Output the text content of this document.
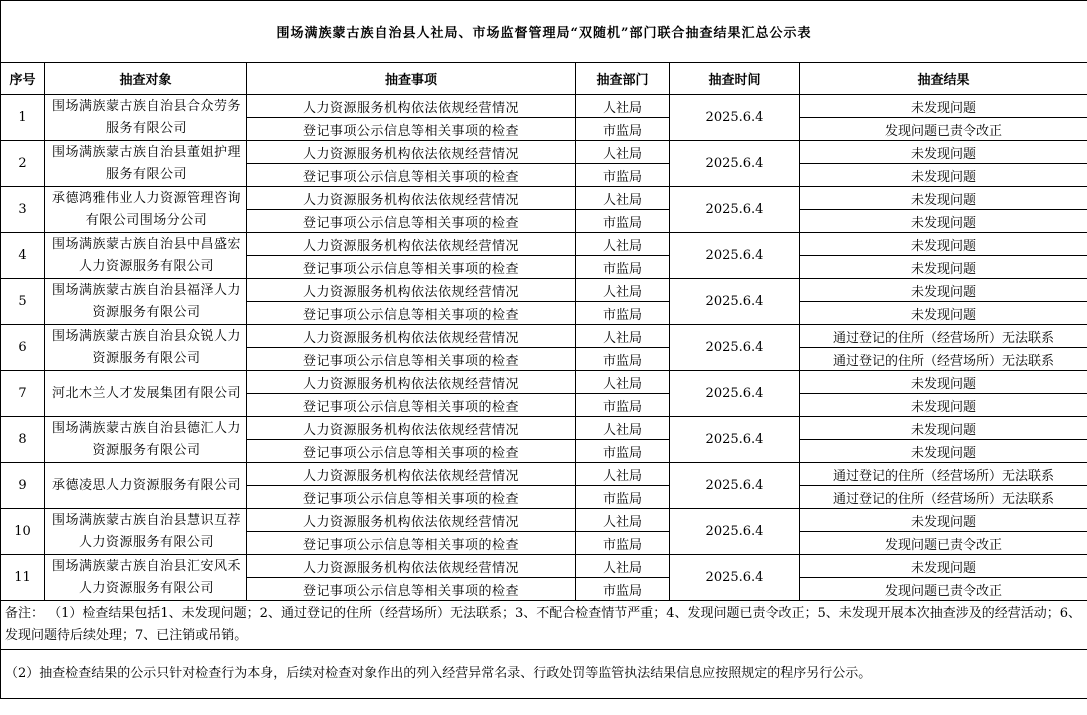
围场满族蒙古族自治县人社局、市场监督管理局“双随机”部门联合抽查结果汇总公示表					
序号	抽查对象	抽查事项	抽查部门	抽查时间	抽查结果
1	围场满族蒙古族自治县合众劳务服务有限公司	人力资源服务机构依法依规经营情况	人社局	2025.6.4	未发现问题
		登记事项公示信息等相关事项的检查	市监局		发现问题已责令改正
2	围场满族蒙古族自治县董姐护理服务有限公司	人力资源服务机构依法依规经营情况	人社局	2025.6.4	未发现问题
		登记事项公示信息等相关事项的检查	市监局		未发现问题
3	承德鸿雅伟业人力资源管理咨询有限公司围场分公司	人力资源服务机构依法依规经营情况	人社局	2025.6.4	未发现问题
		登记事项公示信息等相关事项的检查	市监局		未发现问题
4	围场满族蒙古族自治县中昌盛宏人力资源服务有限公司	人力资源服务机构依法依规经营情况	人社局	2025.6.4	未发现问题
		登记事项公示信息等相关事项的检查	市监局		未发现问题
5	围场满族蒙古族自治县福泽人力资源服务有限公司	人力资源服务机构依法依规经营情况	人社局	2025.6.4	未发现问题
		登记事项公示信息等相关事项的检查	市监局		未发现问题
6	围场满族蒙古族自治县众锐人力资源服务有限公司	人力资源服务机构依法依规经营情况	人社局	2025.6.4	通过登记的住所（经营场所）无法联系
		登记事项公示信息等相关事项的检查	市监局		通过登记的住所（经营场所）无法联系
7	河北木兰人才发展集团有限公司	人力资源服务机构依法依规经营情况	人社局	2025.6.4	未发现问题
		登记事项公示信息等相关事项的检查	市监局		未发现问题
8	围场满族蒙古族自治县德汇人力资源服务有限公司	人力资源服务机构依法依规经营情况	人社局	2025.6.4	未发现问题
		登记事项公示信息等相关事项的检查	市监局		未发现问题
9	承德凌思人力资源服务有限公司	人力资源服务机构依法依规经营情况	人社局	2025.6.4	通过登记的住所（经营场所）无法联系
		登记事项公示信息等相关事项的检查	市监局		通过登记的住所（经营场所）无法联系
10	围场满族蒙古族自治县慧识互荐人力资源服务有限公司	人力资源服务机构依法依规经营情况	人社局	2025.6.4	未发现问题
		登记事项公示信息等相关事项的检查	市监局		发现问题已责令改正
11	围场满族蒙古族自治县汇安风禾人力资源服务有限公司	人力资源服务机构依法依规经营情况	人社局	2025.6.4	未发现问题
		登记事项公示信息等相关事项的检查	市监局		发现问题已责令改正
备注： （1）检查结果包括1、未发现问题；2、通过登记的住所（经营场所）无法联系；3、不配合检查情节严重；4、发现问题已责令改正；5、未发现开展本次抽查涉及的经营活动；6、发现问题待后续处理；7、已注销或吊销。					
（2）抽查检查结果的公示只针对检查行为本身，后续对检查对象作出的列入经营异常名录、行政处罚等监管执法结果信息应按照规定的程序另行公示。					
